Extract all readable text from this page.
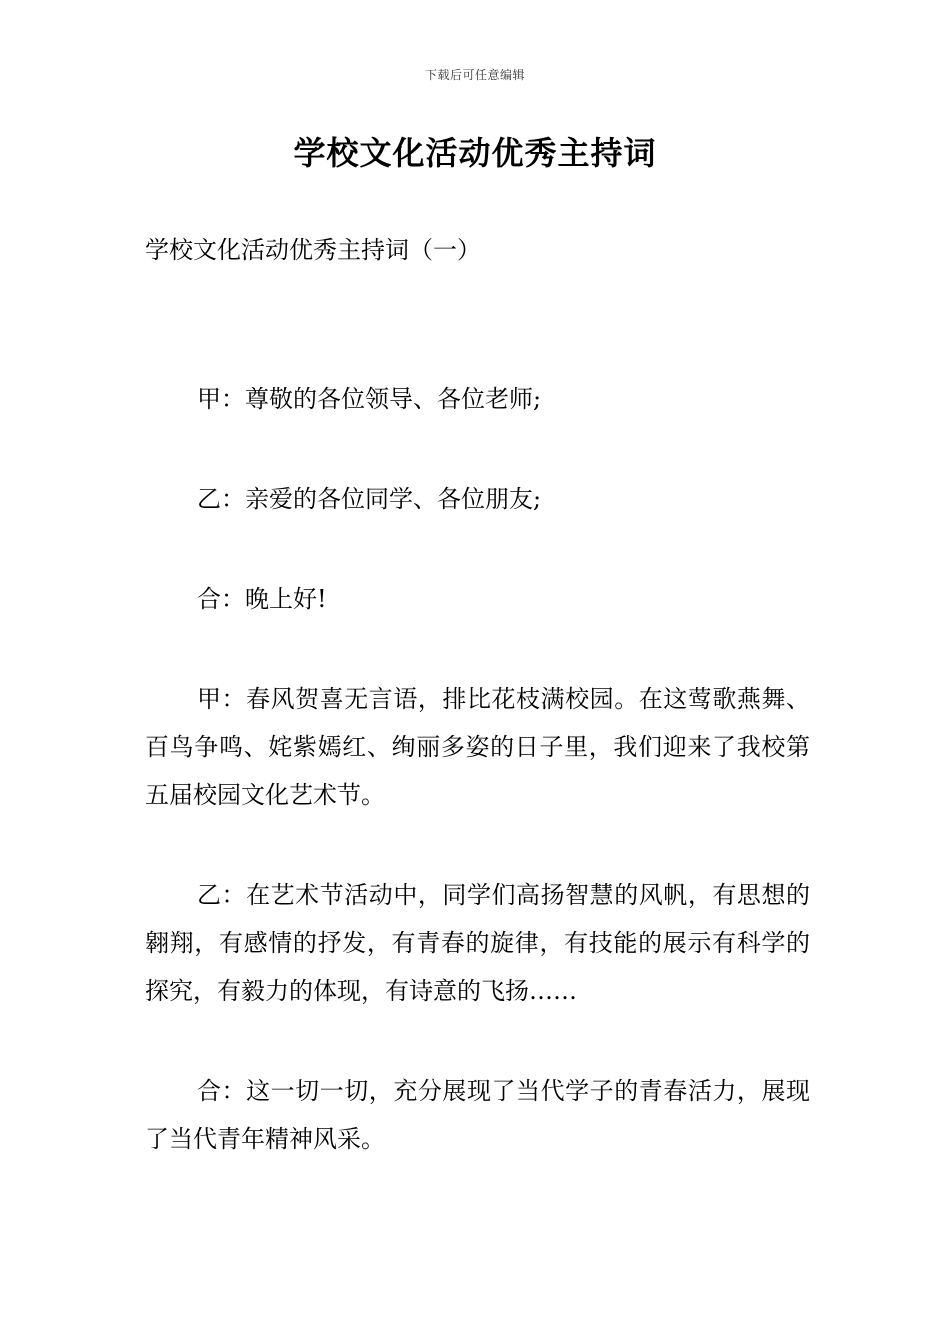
下载后可任意编辑
学校文化活动优秀主持词
学校文化活动优秀主持词（一）

甲：尊敬的各位领导、各位老师;

乙：亲爱的各位同学、各位朋友;

合：晚上好!

甲：春风贺喜无言语，排比花枝满校园。在这莺歌燕舞、百鸟争鸣、姹紫嫣红、绚丽多姿的日子里，我们迎来了我校第五届校园文化艺术节。

乙：在艺术节活动中，同学们高扬智慧的风帆，有思想的翱翔，有感情的抒发，有青春的旋律，有技能的展示有科学的探究，有毅力的体现，有诗意的飞扬……

合：这一切一切，充分展现了当代学子的青春活力，展现了当代青年精神风采。
